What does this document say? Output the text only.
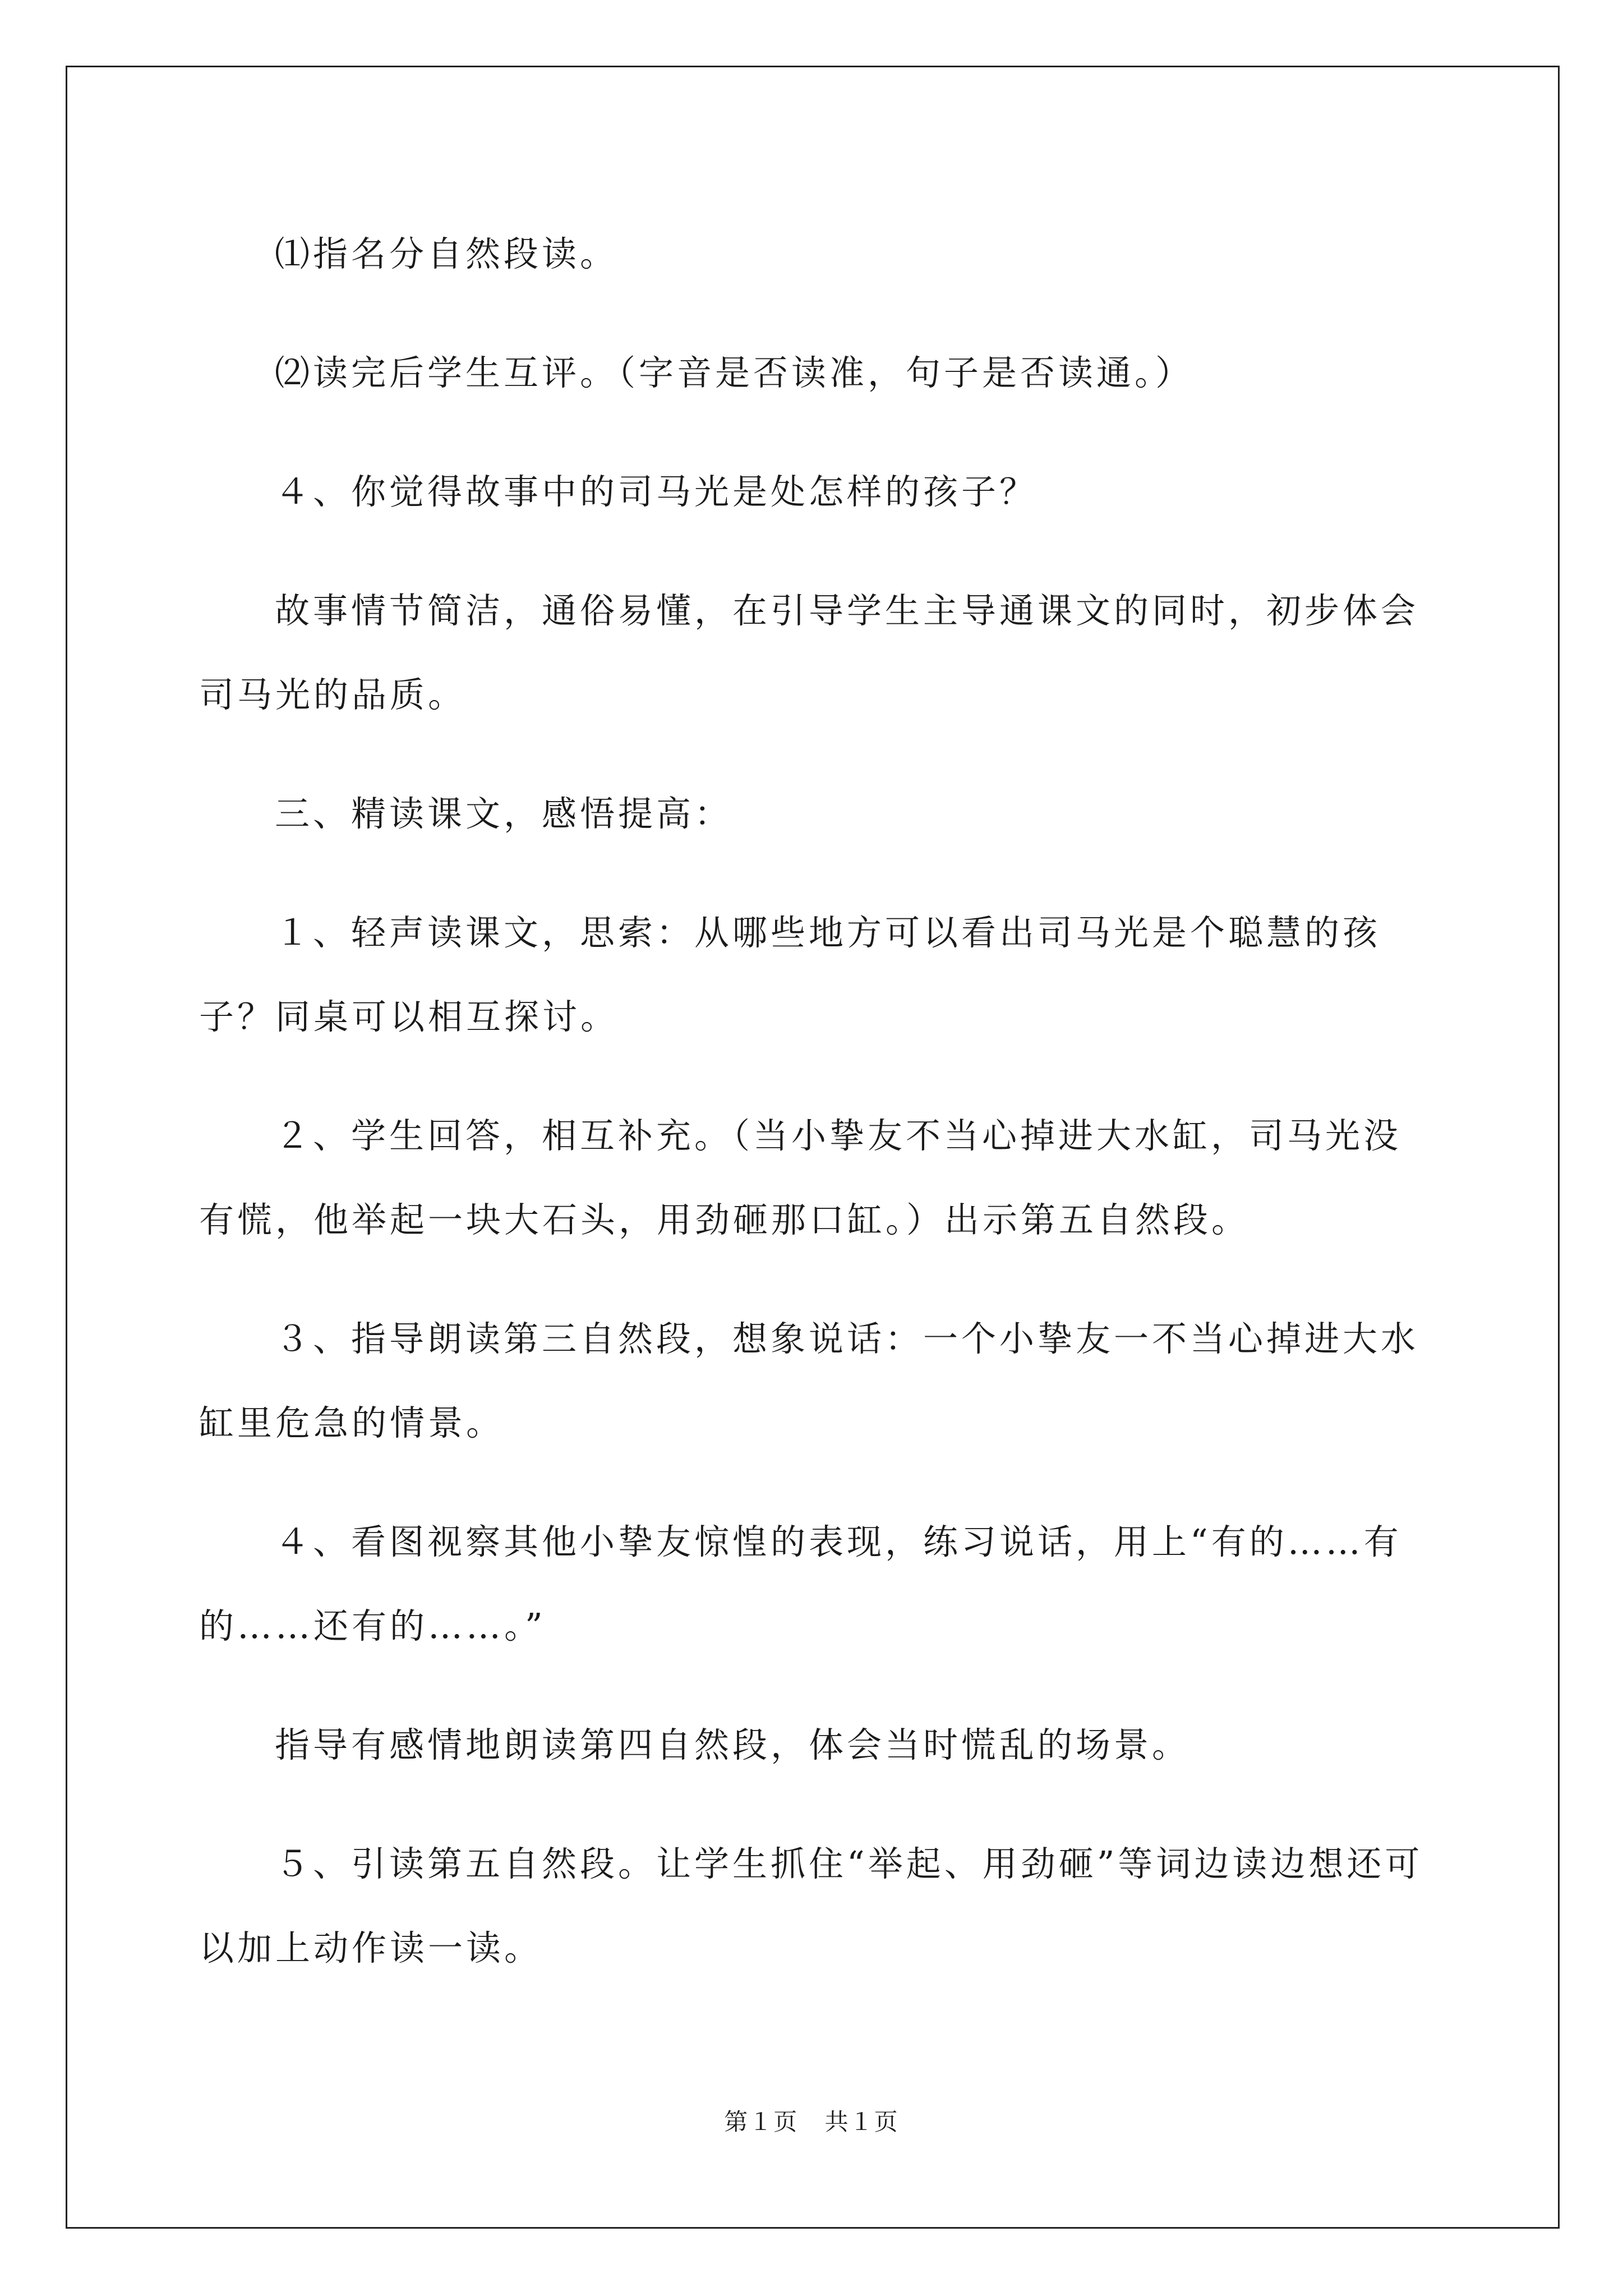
⑴指名分自然段读。

⑵读完后学生互评。（字音是否读准，句子是否读通。）

４、你觉得故事中的司马光是处怎样的孩子？

故事情节简洁，通俗易懂，在引导学生主导通课文的同时，初步体会司马光的品质。

三、精读课文，感悟提高：

１、轻声读课文，思索：从哪些地方可以看出司马光是个聪慧的孩子？同桌可以相互探讨。

２、学生回答，相互补充。（当小挚友不当心掉进大水缸，司马光没有慌，他举起一块大石头，用劲砸那口缸。）出示第五自然段。

３、指导朗读第三自然段，想象说话：一个小挚友一不当心掉进大水缸里危急的情景。

４、看图视察其他小挚友惊惶的表现，练习说话，用上“有的……有的……还有的……。”

指导有感情地朗读第四自然段，体会当时慌乱的场景。

５、引读第五自然段。让学生抓住“举起、用劲砸”等词边读边想还可以加上动作读一读。

第１页 共１页
